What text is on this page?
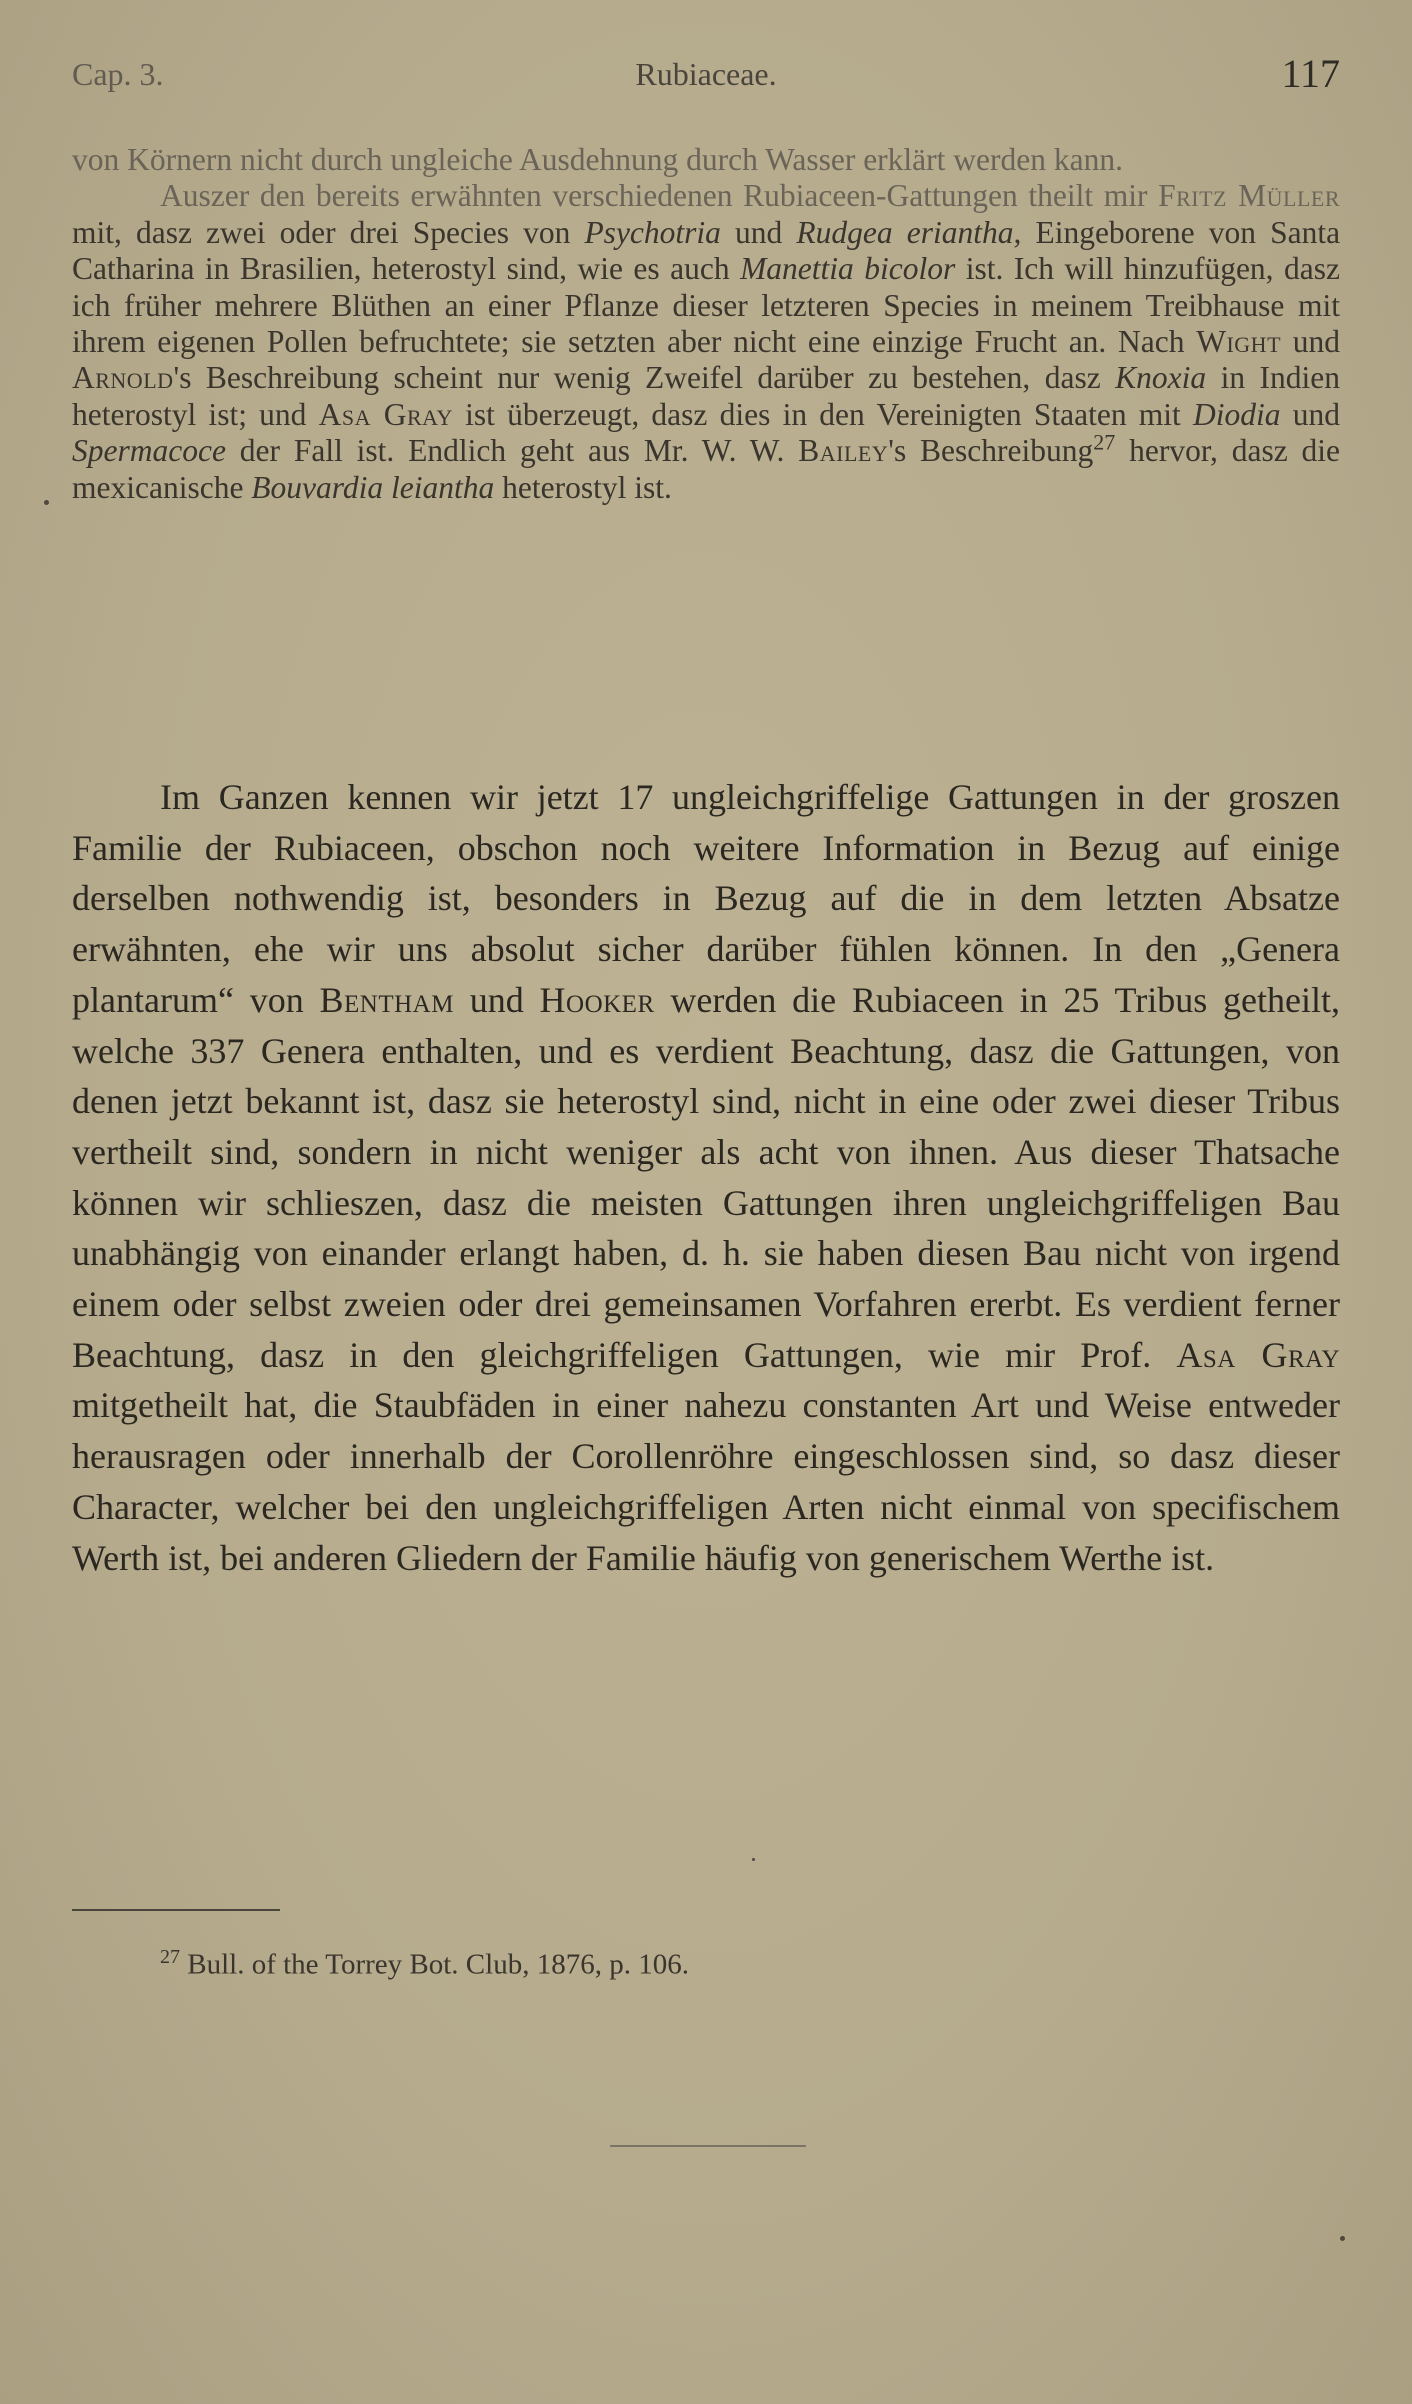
Cap. 3.	Rubiaceae.	117

von Körnern nicht durch ungleiche Ausdehnung durch Wasser erklärt werden kann.

Auszer den bereits erwähnten verschiedenen Rubiaceen-Gattungen theilt mir Fritz Müller mit, dasz zwei oder drei Species von Psychotria und Rudgea eriantha, Eingeborene von Santa Catharina in Brasilien, heterostyl sind, wie es auch Manettia bicolor ist. Ich will hinzufügen, dasz ich früher mehrere Blüthen an einer Pflanze dieser letzteren Species in meinem Treibhause mit ihrem eigenen Pollen befruchtete; sie setzten aber nicht eine einzige Frucht an. Nach Wight und Arnold's Beschreibung scheint nur wenig Zweifel darüber zu bestehen, dasz Knoxia in Indien heterostyl ist; und Asa Gray ist überzeugt, dasz dies in den Vereinigten Staaten mit Diodia und Spermacoce der Fall ist. Endlich geht aus Mr. W. W. Bailey's Beschreibung$^{27}$ hervor, dasz die mexicanische Bouvardia leiantha heterostyl ist.

Im Ganzen kennen wir jetzt 17 ungleichgriffelige Gattungen in der groszen Familie der Rubiaceen, obschon noch weitere Information in Bezug auf einige derselben nothwendig ist, besonders in Bezug auf die in dem letzten Absatze erwähnten, ehe wir uns absolut sicher darüber fühlen können. In den „Genera plantarum“ von Bentham und Hooker werden die Rubiaceen in 25 Tribus getheilt, welche 337 Genera enthalten, und es verdient Beachtung, dasz die Gattungen, von denen jetzt bekannt ist, dasz sie heterostyl sind, nicht in eine oder zwei dieser Tribus vertheilt sind, sondern in nicht weniger als acht von ihnen. Aus dieser Thatsache können wir schlieszen, dasz die meisten Gattungen ihren ungleichgriffeligen Bau unabhängig von einander erlangt haben, d. h. sie haben diesen Bau nicht von irgend einem oder selbst zweien oder drei gemeinsamen Vorfahren ererbt. Es verdient ferner Beachtung, dasz in den gleichgriffeligen Gattungen, wie mir Prof. Asa Gray mitgetheilt hat, die Staubfäden in einer nahezu constanten Art und Weise entweder herausragen oder innerhalb der Corollenröhre eingeschlossen sind, so dasz dieser Character, welcher bei den ungleichgriffeligen Arten nicht einmal von specifischem Werth ist, bei anderen Gliedern der Familie häufig von generischem Werthe ist.

$^{27}$ Bull. of the Torrey Bot. Club, 1876, p. 106.
